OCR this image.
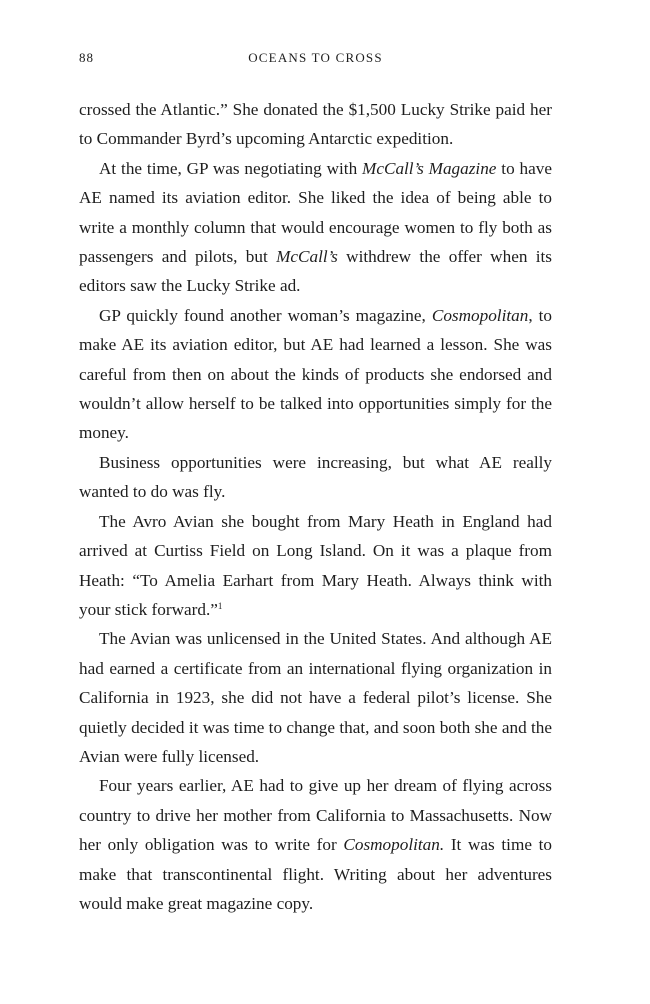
88	OCEANS TO CROSS

crossed the Atlantic.” She donated the $1,500 Lucky Strike paid her to Commander Byrd’s upcoming Antarctic expedition.

At the time, GP was negotiating with McCall’s Magazine to have AE named its aviation editor. She liked the idea of being able to write a monthly column that would encourage women to fly both as passengers and pilots, but McCall’s withdrew the offer when its editors saw the Lucky Strike ad.

GP quickly found another woman’s magazine, Cosmopolitan, to make AE its aviation editor, but AE had learned a lesson. She was careful from then on about the kinds of products she endorsed and wouldn’t allow herself to be talked into opportunities simply for the money.

Business opportunities were increasing, but what AE really wanted to do was fly.

The Avro Avian she bought from Mary Heath in England had arrived at Curtiss Field on Long Island. On it was a plaque from Heath: “To Amelia Earhart from Mary Heath. Always think with your stick forward.”$^1$

The Avian was unlicensed in the United States. And although AE had earned a certificate from an international flying organization in California in 1923, she did not have a federal pilot’s license. She quietly decided it was time to change that, and soon both she and the Avian were fully licensed.

Four years earlier, AE had to give up her dream of flying across country to drive her mother from California to Massachusetts. Now her only obligation was to write for Cosmopolitan. It was time to make that transcontinental flight. Writing about her adventures would make great magazine copy.
